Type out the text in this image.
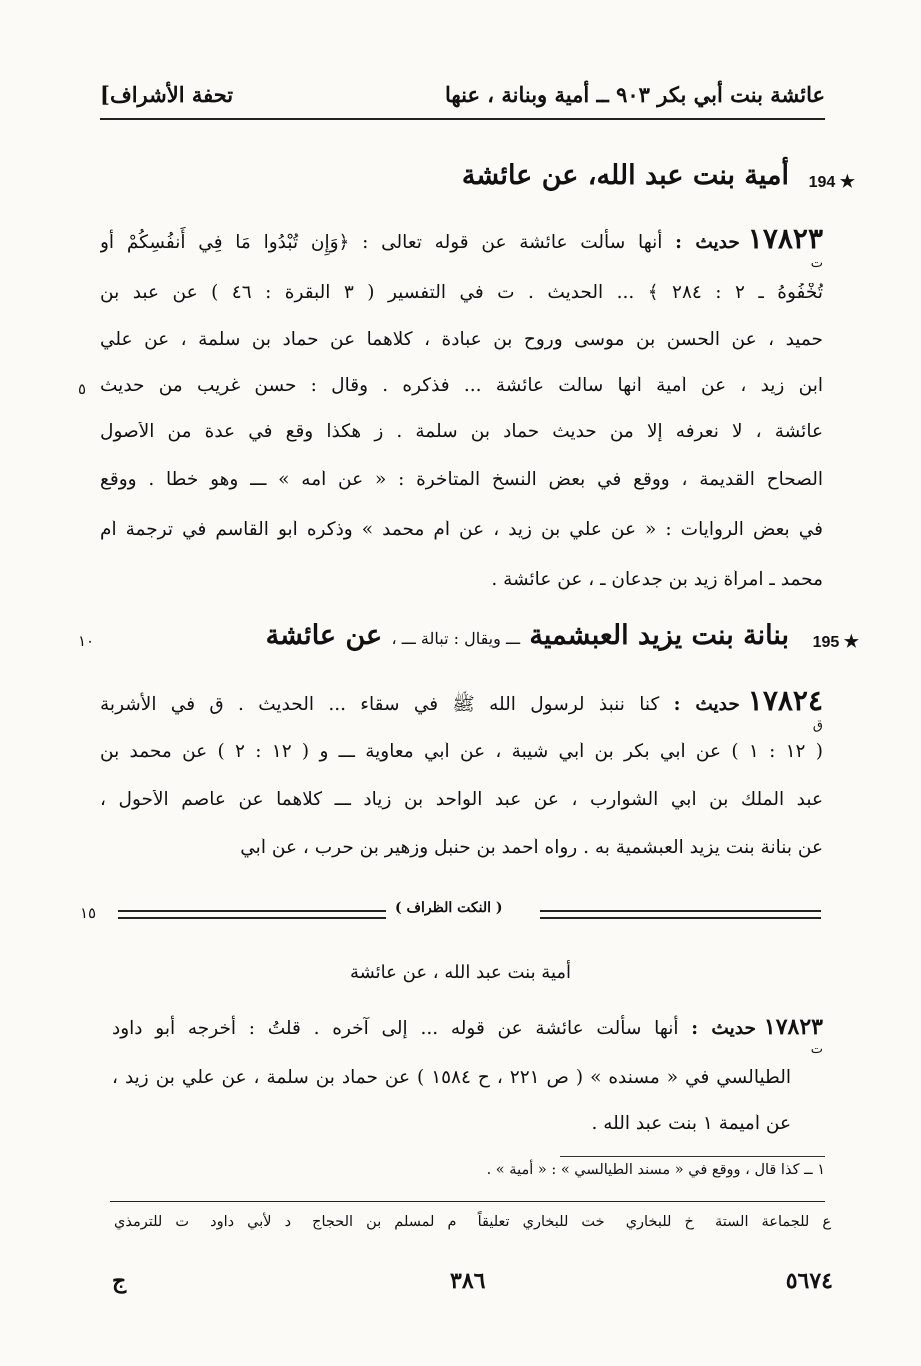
عائشة بنت أبي بكر ٩٠٣ ــ أمية وبنانة ، عنها
[تحفة الأشراف
194 ★
أمية بنت عبد الله، عن عائشة
١٧٨٢٣حديث : أنها سألت عائشة عن قوله تعالى : ﴿وَإِن تُبْدُوا مَا فِي أَنفُسِكُمْ أو
ت
تُخْفُوهُ ـ ٢ : ٢٨٤ ﴾ ... الحديث . ت في التفسير ( ٣ البقرة : ٤٦ ) عن عبد بن
حميد ، عن الحسن بن موسى وروح بن عبادة ، كلاهما عن حماد بن سلمة ، عن علي
ابن زيد ، عن أمية أنها سألت عائشة ... فذكره . وقال : حسن غريب من حديث
عائشة ، لا نعرفه إلا من حديث حماد بن سلمة . ز هكذا وقع في عدة من الأصول
الصحاح القديمة ، ووقع في بعض النسخ المتأخرة : « عن أمه » ـــ وهو خطأ . ووقع
في بعض الروايات : « عن علي بن زيد ، عن أم محمد » وذكره أبو القاسم في ترجمة أم
محمد ـ امرأة زيد بن جدعان ـ ، عن عائشة .
٥
195 ★
بنانة بنت يزيد العبشمية ـــ ويقال : تبالة ـــ ، عن عائشة
١٠
١٧٨٢٤حديث : كنا ننبذ لرسول الله ﷺ في سقاء ... الحديث . ق في الأشربة
ق
( ١٢ : ١ ) عن أبي بكر بن أبي شيبة ، عن أبي معاوية ـــ و ( ١٢ : ٢ ) عن محمد بن
عبد الملك بن أبي الشوارب ، عن عبد الواحد بن زياد ـــ كلاهما عن عاصم الأحول ،
عن بنانة بنت يزيد العبشمية به . رواه أحمد بن حنبل وزهير بن حرب ، عن أبي
( النكت الظراف )
١٥
أمية بنت عبد الله ، عن عائشة
١٧٨٢٣حديث : أنها سألت عائشة عن قوله ... إلى آخره . قلتُ : أخرجه أبو داود
ت
الطيالسي في « مسنده » ( ص ٢٢١ ، ح ١٥٨٤ ) عن حماد بن سلمة ، عن علي بن زيد ،
عن أميمة ١ بنت عبد الله .
١ ــ كذا قال ، ووقع في « مسند الطيالسي » : « أمية » .
ع للجماعة الستة خ للبخاري خت للبخاري تعليقاً م لمسلم بن الحجاج د لأبي داود ت للترمذي
٥٦٧٤
٣٨٦
ج
